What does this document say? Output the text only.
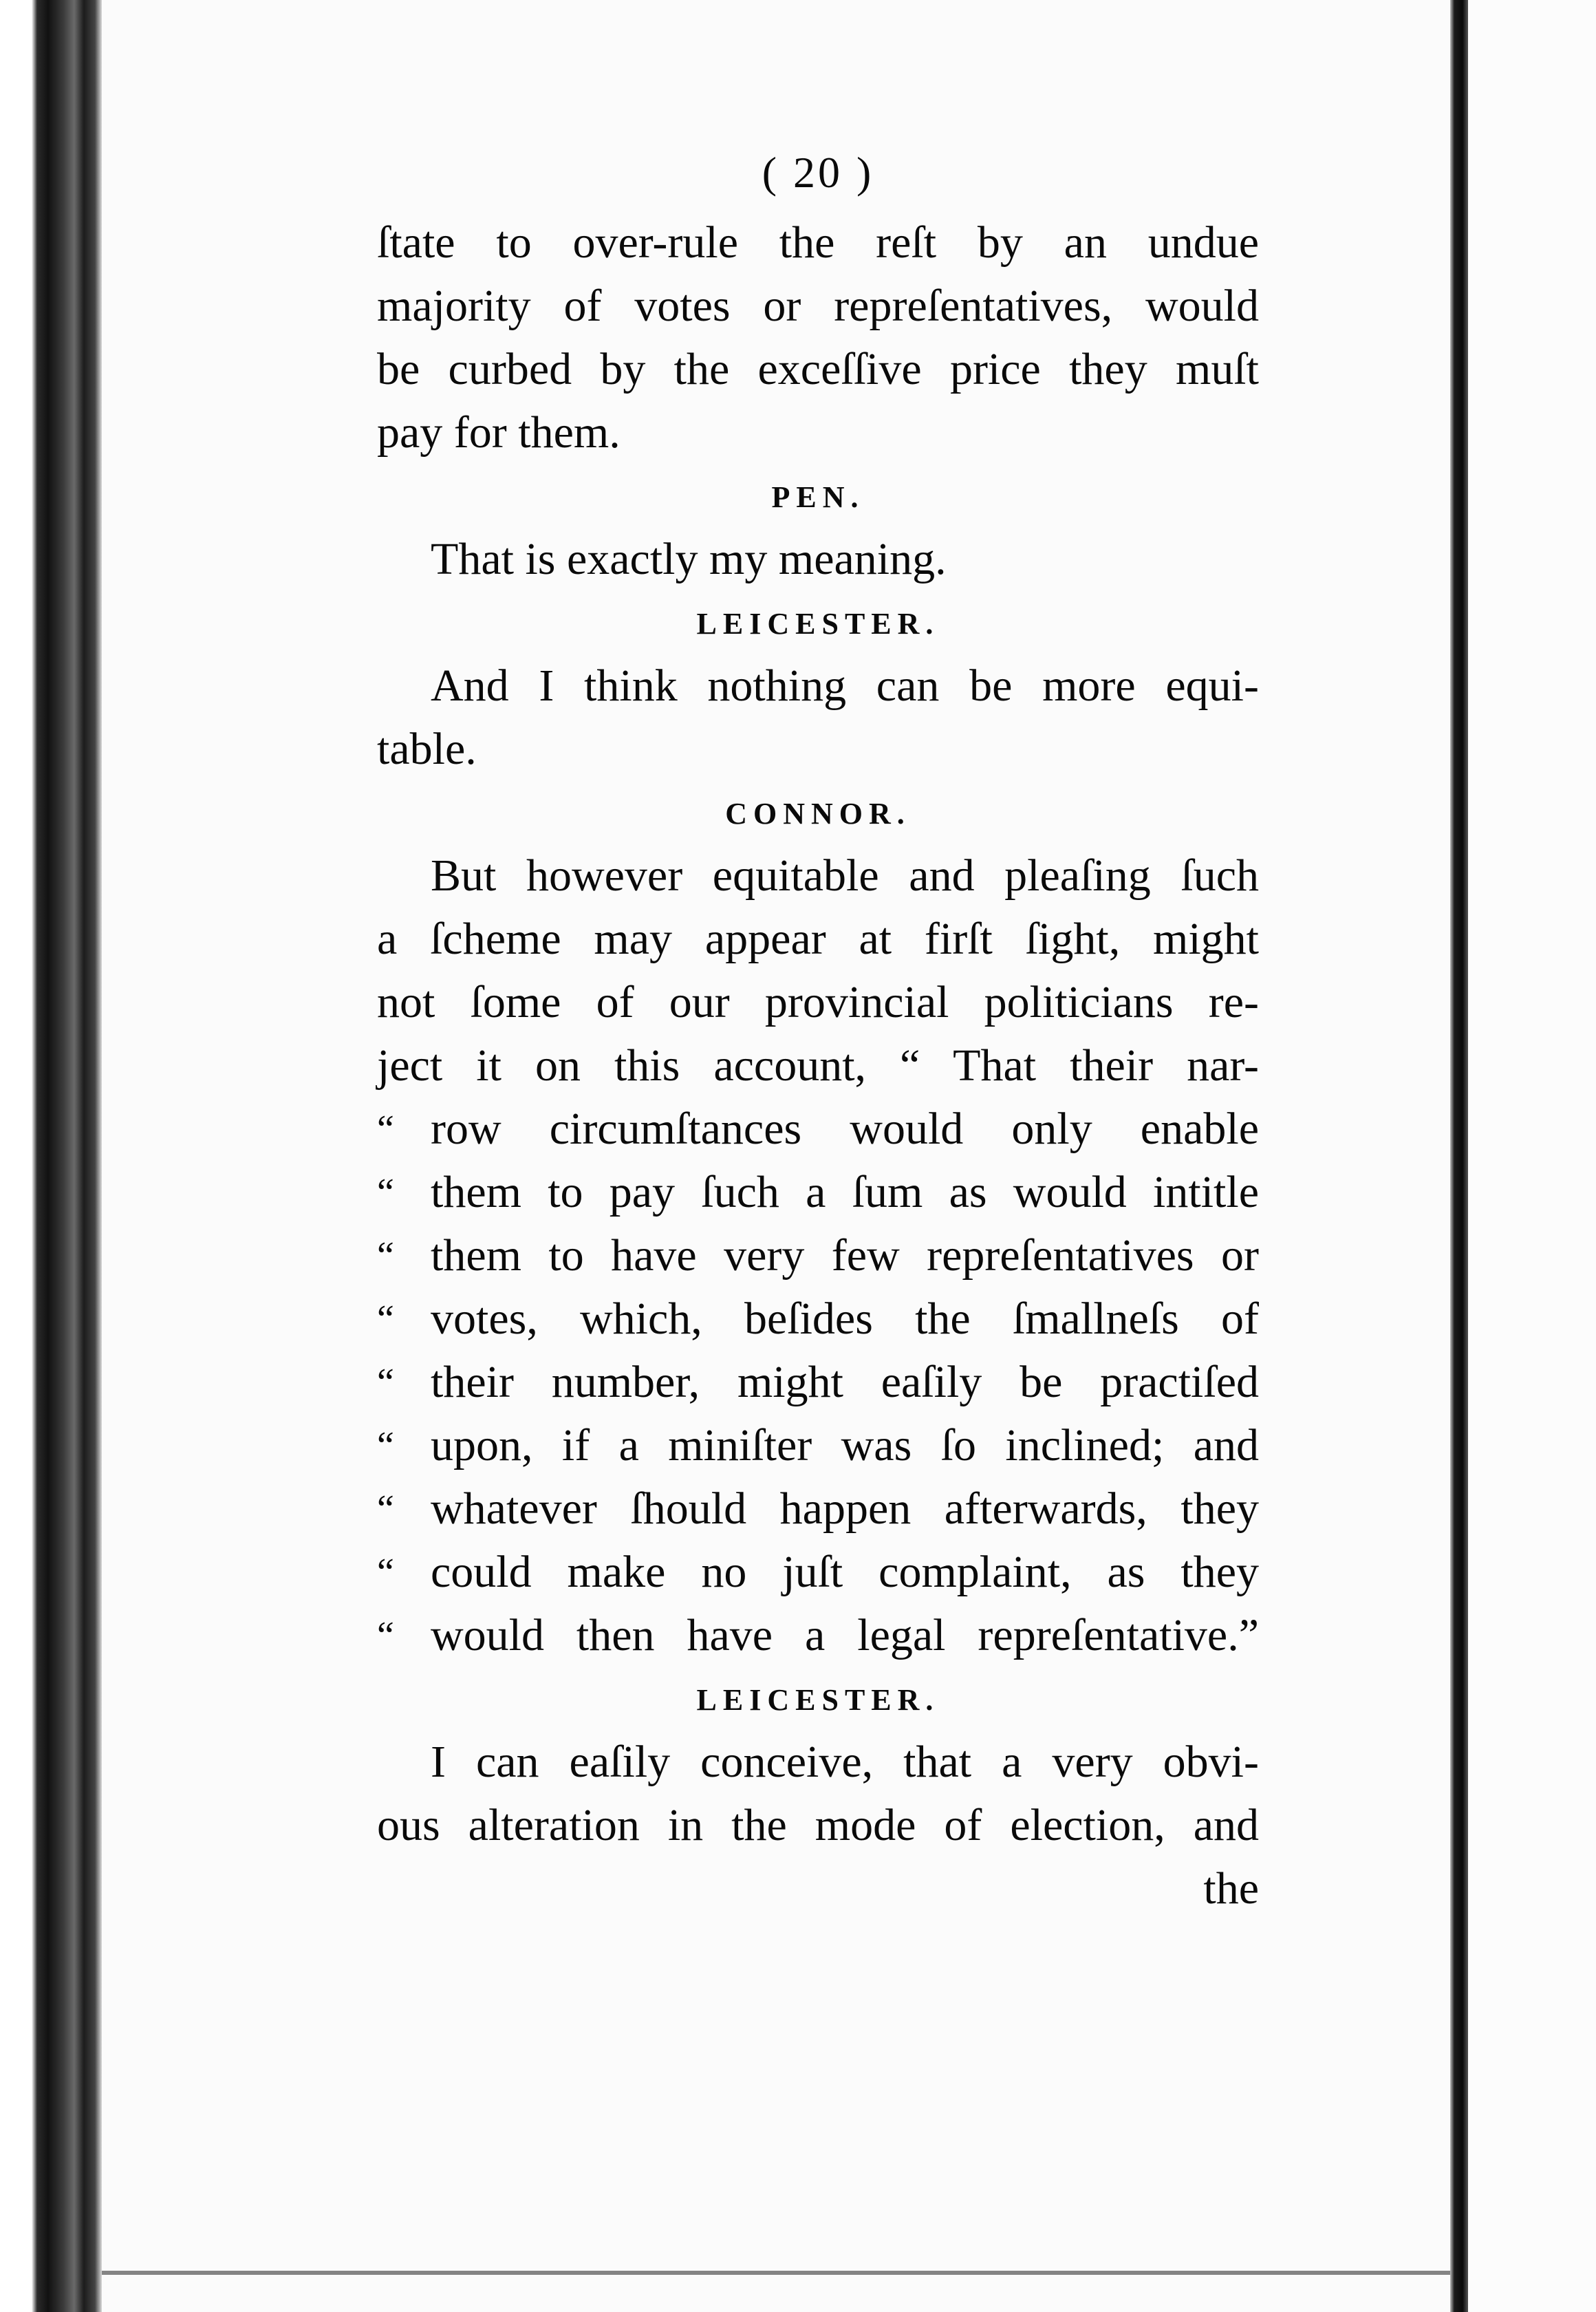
( 20 )
ſtate to over-rule the reſt by an undue
majority of votes or repreſentatives, would
be curbed by the exceſſive price they muſt
pay for them.
PEN.
That is exactly my meaning.
LEICESTER.
And I think nothing can be more equi-
table.
CONNOR.
But however equitable and pleaſing ſuch
a ſcheme may appear at firſt ſight, might
not ſome of our provincial politicians re-
ject it on this account, “ That their nar-
“ row circumſtances would only enable
“ them to pay ſuch a ſum as would intitle
“ them to have very few repreſentatives or
“ votes, which, beſides the ſmallneſs of
“ their number, might eaſily be practiſed
“ upon, if a miniſter was ſo inclined; and
“ whatever ſhould happen afterwards, they
“ could make no juſt complaint, as they
“ would then have a legal repreſentative.”
LEICESTER.
I can eaſily conceive, that a very obvi-
ous alteration in the mode of election, and
the
